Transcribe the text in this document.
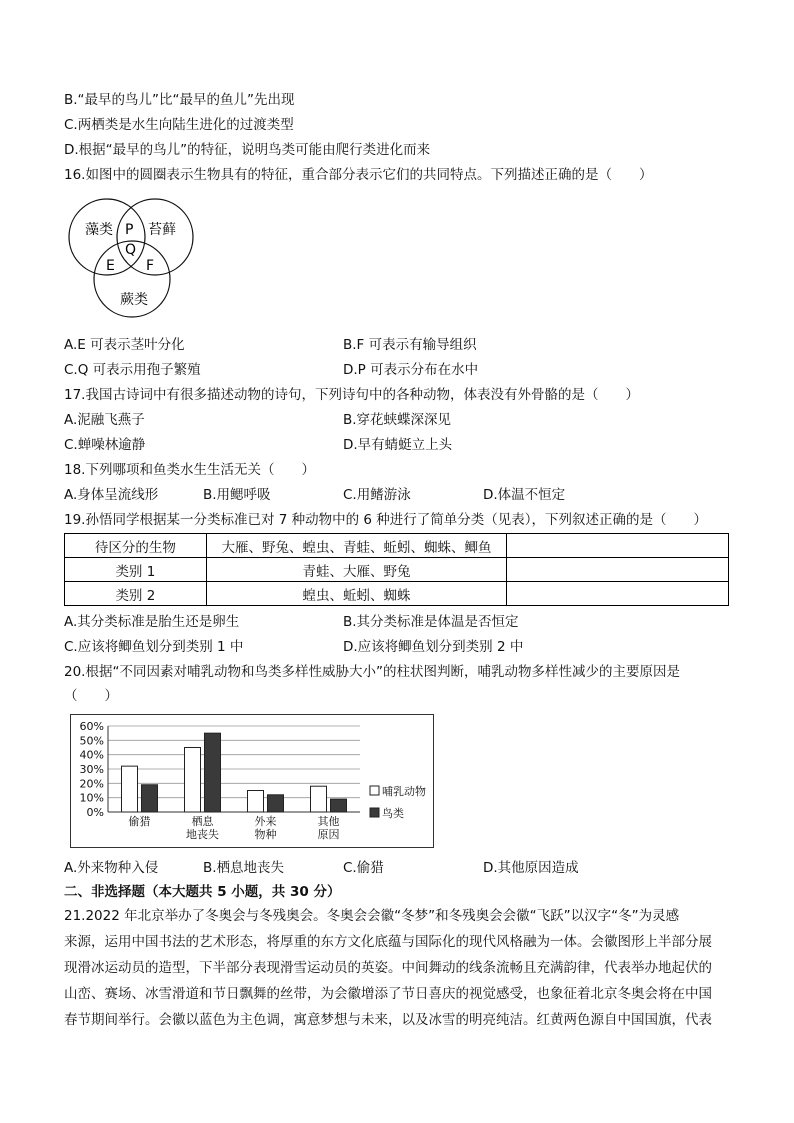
B.“最早的鸟儿”比“最早的鱼儿”先出现
C.两栖类是水生向陆生进化的过渡类型
D.根据“最早的鸟儿”的特征，说明鸟类可能由爬行类进化而来
16.如图中的圆圈表示生物具有的特征，重合部分表示它们的共同特点。下列描述正确的是（　　）
藻类	苔藓
蕨类
P
Q
E F
A.E 可表示茎叶分化	B.F 可表示有输导组织
C.Q 可表示用孢子繁殖	D.P 可表示分布在水中
17.我国古诗词中有很多描述动物的诗句，下列诗句中的各种动物，体表没有外骨骼的是（　　）
A.泥融飞燕子	B.穿花蛱蝶深深见
C.蝉噪林逾静	D.早有蜻蜓立上头
18.下列哪项和鱼类水生生活无关（　　）
A.身体呈流线形	B.用鳃呼吸	C.用鳍游泳	D.体温不恒定
19.孙悟同学根据某一分类标准已对 7 种动物中的 6 种进行了简单分类（见表），下列叙述正确的是（　　）
待区分的生物	大雁、野兔、蝗虫、青蛙、蚯蚓、蜘蛛、鲫鱼	
类别 1	青蛙、大雁、野兔	
类别 2	蝗虫、蚯蚓、蜘蛛	
A.其分类标准是胎生还是卵生	B.其分类标准是体温是否恒定
C.应该将鲫鱼划分到类别 1 中	D.应该将鲫鱼划分到类别 2 中
20.根据“不同因素对哺乳动物和鸟类多样性威胁大小”的柱状图判断，哺乳动物多样性减少的主要原因是
（　　）
0%
10%
20%
30%
40%
50%
60%
偷猎	栖息
地丧失
外来
物种
其他
原因
哺乳动物
鸟类
A.外来物种入侵	B.栖息地丧失	C.偷猎	D.其他原因造成
二、非选择题（本大题共 5 小题，共 30 分）
21.2022 年北京举办了冬奥会与冬残奥会。冬奥会会徽“冬梦”和冬残奥会会徽“飞跃”以汉字“冬”为灵感
来源，运用中国书法的艺术形态，将厚重的东方文化底蕴与国际化的现代风格融为一体。会徽图形上半部分展
现滑冰运动员的造型，下半部分表现滑雪运动员的英姿。中间舞动的线条流畅且充满韵律，代表举办地起伏的
山峦、赛场、冰雪滑道和节日飘舞的丝带，为会徽增添了节日喜庆的视觉感受，也象征着北京冬奥会将在中国
春节期间举行。会徽以蓝色为主色调，寓意梦想与未来，以及冰雪的明亮纯洁。红黄两色源自中国国旗，代表
